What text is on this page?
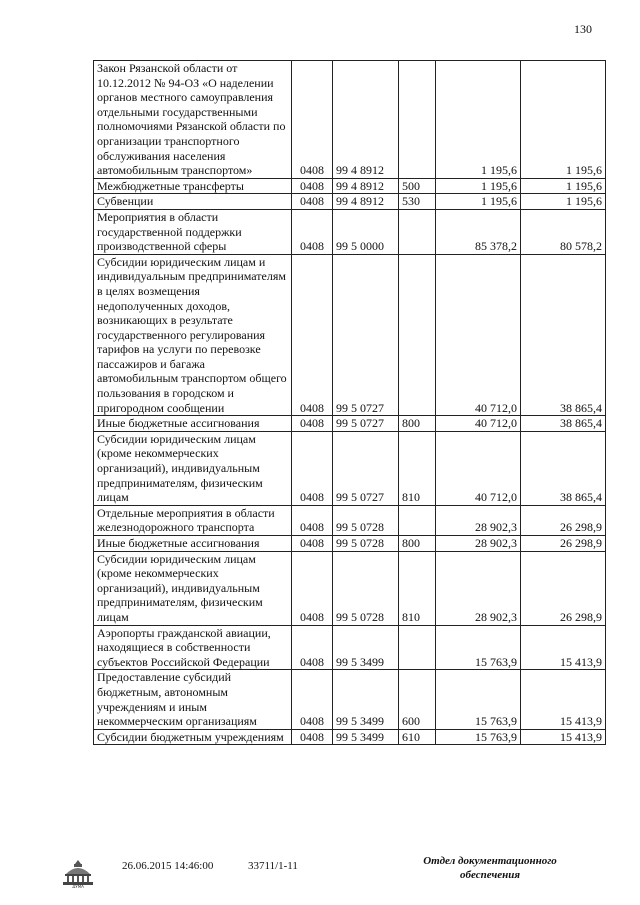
130
Закон Рязанской области от 10.12.2012 № 94-ОЗ «О наделении органов местного самоуправления отдельными государственными полномочиями Рязанской области по организации транспортного обслуживания населения автомобильным транспортом»	0408	99 4 8912		1 195,6	1 195,6
Межбюджетные трансферты	0408	99 4 8912	500	1 195,6	1 195,6
Субвенции	0408	99 4 8912	530	1 195,6	1 195,6
Мероприятия в области государственной поддержки производственной сферы	0408	99 5 0000		85 378,2	80 578,2
Субсидии юридическим лицам и индивидуальным предпринимателям в целях возмещения недополученных доходов, возникающих в результате государственного регулирования тарифов на услуги по перевозке пассажиров и багажа автомобильным транспортом общего пользования в городском и пригородном сообщении	0408	99 5 0727		40 712,0	38 865,4
Иные бюджетные ассигнования	0408	99 5 0727	800	40 712,0	38 865,4
Субсидии юридическим лицам (кроме некоммерческих организаций), индивидуальным предпринимателям, физическим лицам	0408	99 5 0727	810	40 712,0	38 865,4
Отдельные мероприятия в области железнодорожного транспорта	0408	99 5 0728		28 902,3	26 298,9
Иные бюджетные ассигнования	0408	99 5 0728	800	28 902,3	26 298,9
Субсидии юридическим лицам (кроме некоммерческих организаций), индивидуальным предпринимателям, физическим лицам	0408	99 5 0728	810	28 902,3	26 298,9
Аэропорты гражданской авиации, находящиеся в собственности субъектов Российской Федерации	0408	99 5 3499		15 763,9	15 413,9
Предоставление субсидий бюджетным, автономным учреждениям и иным некоммерческим организациям	0408	99 5 3499	600	15 763,9	15 413,9
Субсидии бюджетным учреждениям	0408	99 5 3499	610	15 763,9	15 413,9
ДУМА
26.06.2015 14:46:00	33711/1-11	Отдел документационного
обеспечения
